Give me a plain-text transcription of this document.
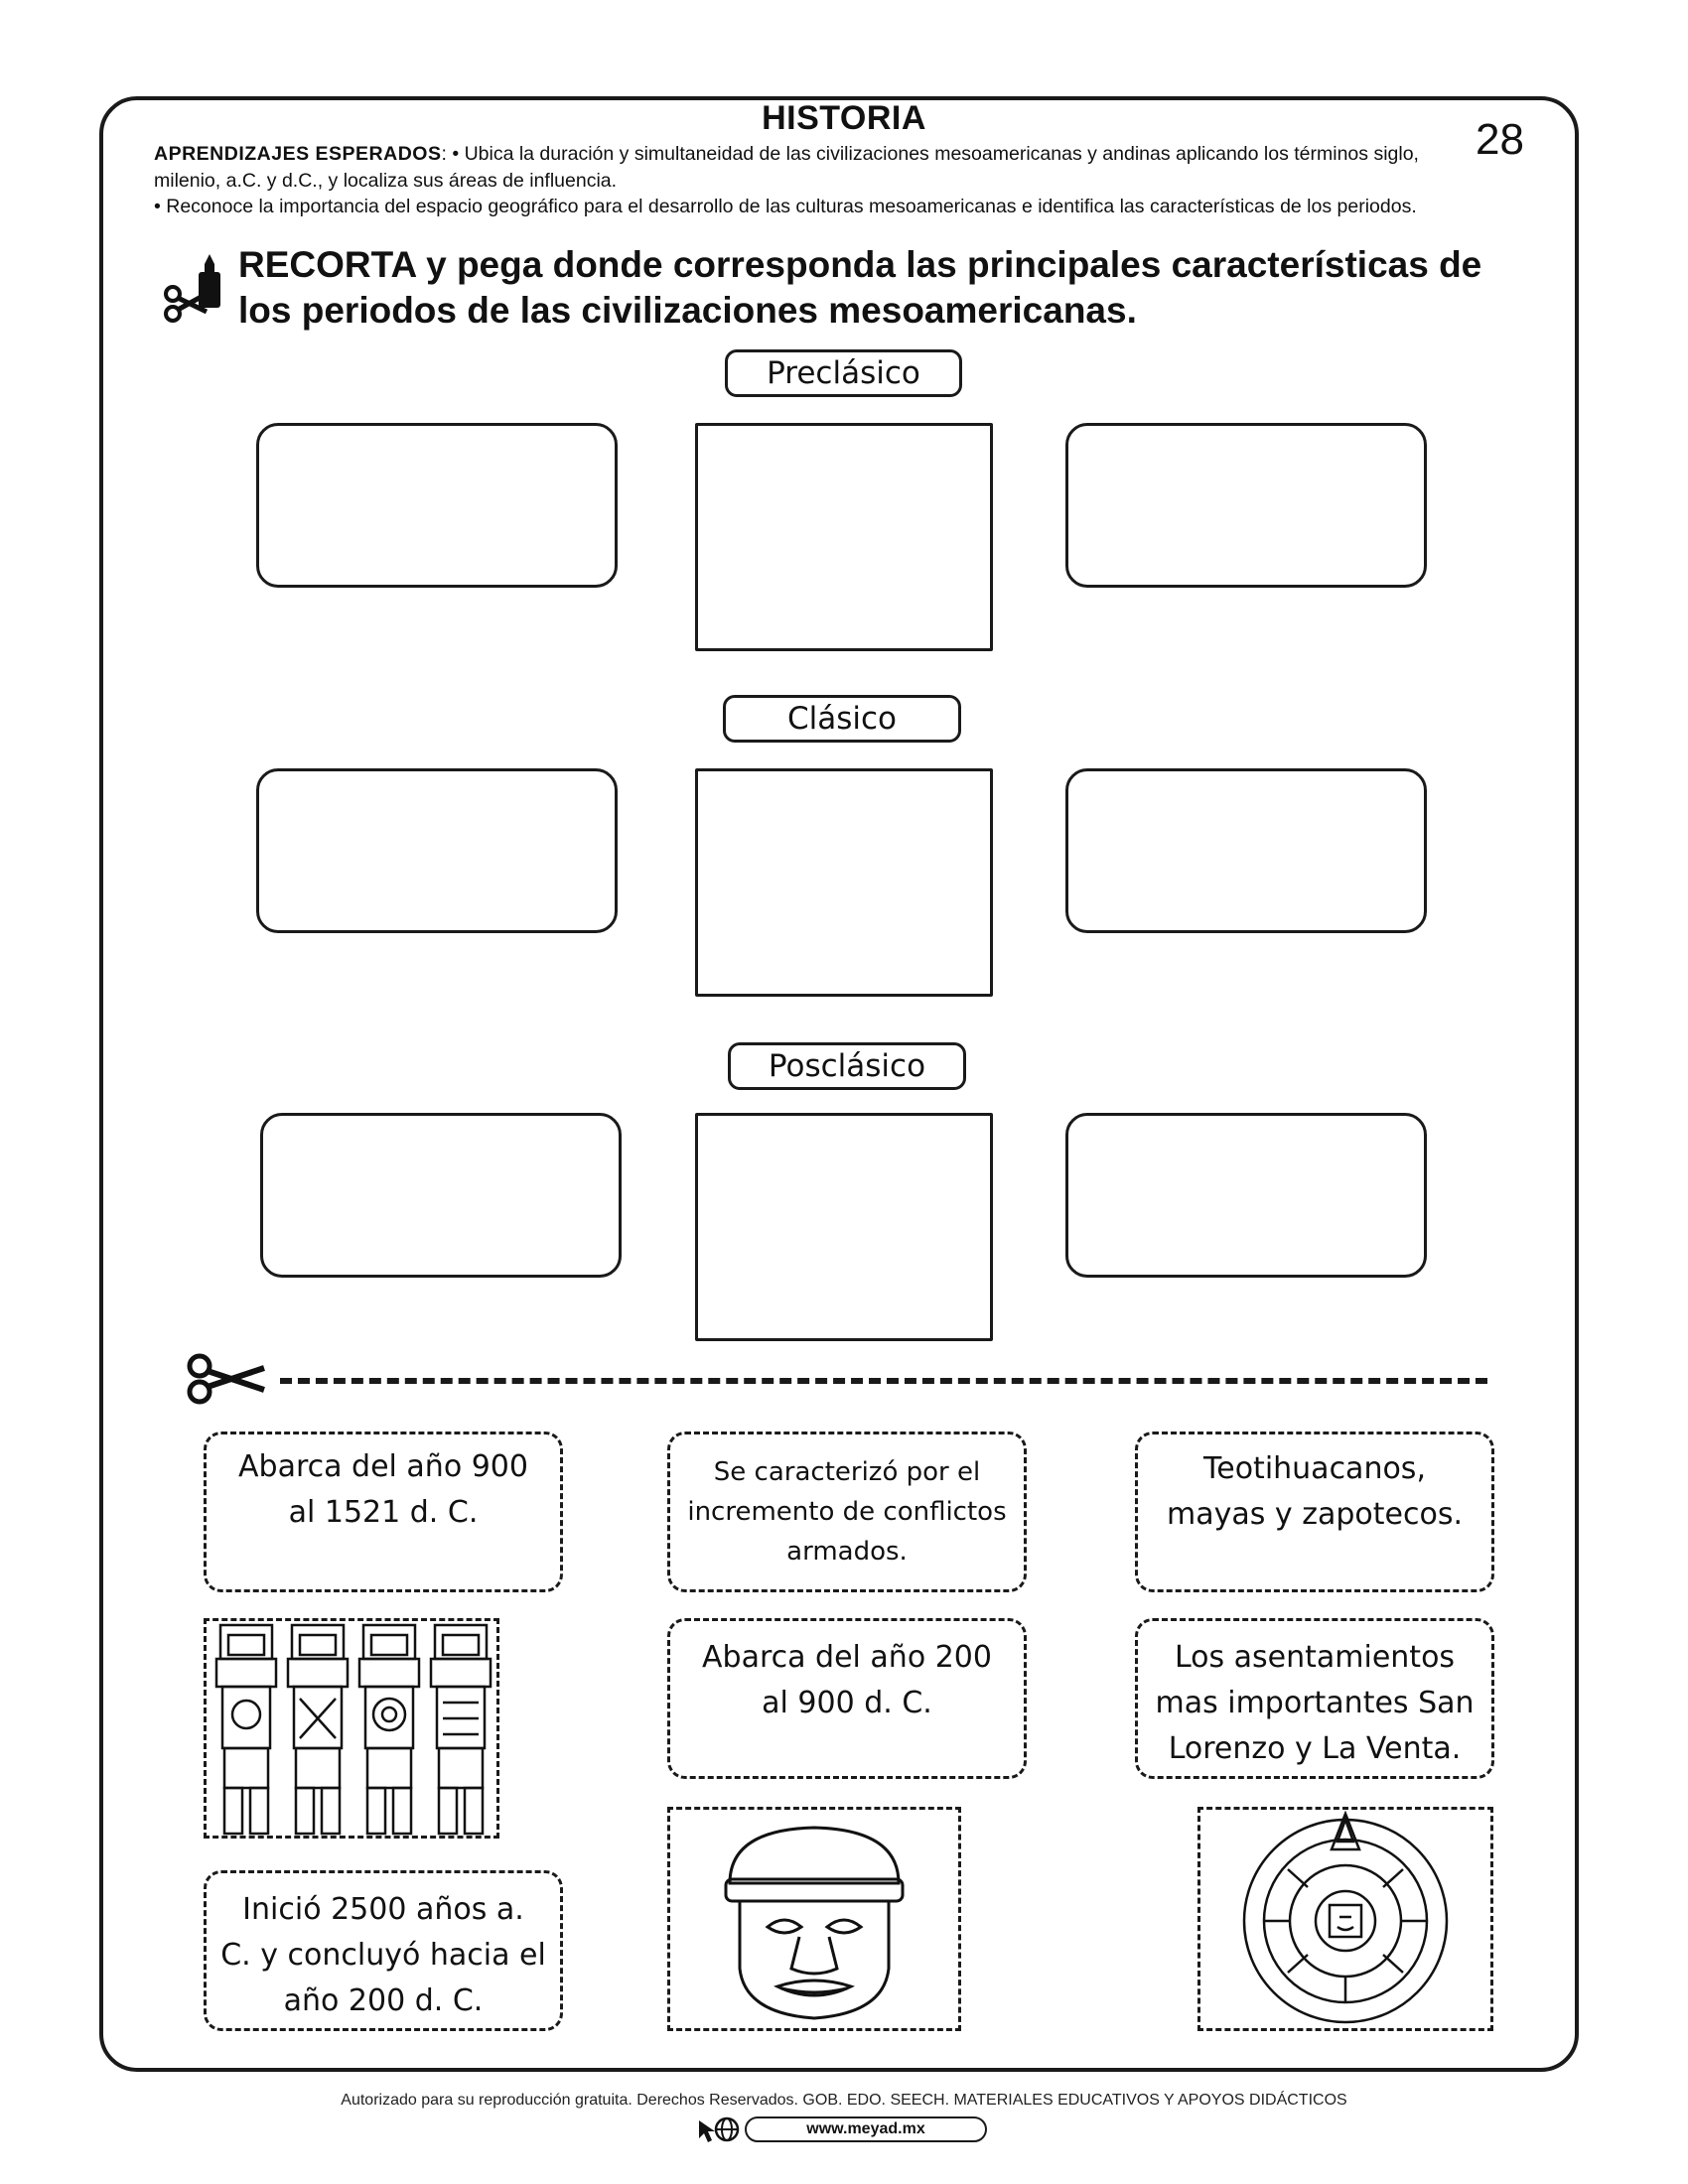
HISTORIA	28
APRENDIZAJES ESPERADOS: • Ubica la duración y simultaneidad de las civilizaciones mesoamericanas y andinas aplicando los términos siglo, milenio, a.C. y d.C., y localiza sus áreas de influencia.
• Reconoce la importancia del espacio geográfico para el desarrollo de las culturas mesoamericanas e identifica las características de los periodos.
RECORTA y pega donde corresponda las principales características de
los periodos de las civilizaciones mesoamericanas.
Preclásico
Clásico
Posclásico
Abarca del año 900
al 1521 d. C.
Se caracterizó por el
incremento de conflictos
armados.
Teotihuacanos,
mayas y zapotecos.
Abarca del año 200
al 900 d. C.
Los asentamientos
mas importantes San
Lorenzo y La Venta.
Inició 2500 años a.
C. y concluyó hacia el
año 200 d. C.
Autorizado para su reproducción gratuita. Derechos Reservados. GOB. EDO. SEECH. MATERIALES EDUCATIVOS Y APOYOS DIDÁCTICOS
www.meyad.mx
